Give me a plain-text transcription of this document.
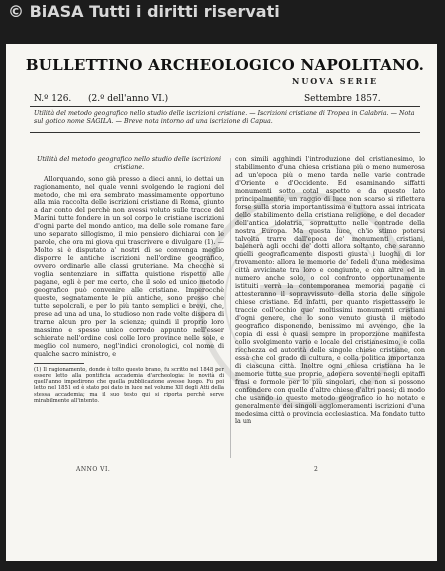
© BiASA Tutti i diritti riservati
BULLETTINO ARCHEOLOGICO NAPOLITANO.
NUOVA SERIE
N.º 126. (2.º dell'anno VI.)	Settembre 1857.
Utilità del metodo geografico nello studio delle iscrizioni cristiane. — Iscrizioni cristiane di Tropea in Calabria. — Nota sul gotico nome SAGILA. — Breve nota intorno ad una iscrizione di Capua.

Utilità del metodo geografico nello studio delle iscrizioni cristiane.

Allorquando, sono già presso a dieci anni, io dettai un ragionamento, nel quale venni svolgendo le ragioni del metodo, che mi era sembrato massimamente opportuno alla mia raccolta delle iscrizioni cristiane di Roma, giunto a dar conto del perchè non avessi voluto sulle tracce del Marini tutte fondere in un sol corpo le cristiane iscrizioni d'ogni parte del mondo antico, ma delle sole romane fare uno separato sillogismo, il mio pensiero dichiarai con le parole, che ora mi giova qui trascrivere e divulgare (1). — Molto si è disputato a' nostri dì se convenga meglio disporre le antiche iscrizioni nell'ordine geografico, ovvero ordinarle alle classi gruteriane. Ma checchè si voglia sentenziare in siffatta quistione rispetto alle pagane, egli è per me certo, che il solo ed unico metodo geografico può convenire alle cristiane. Imperocchè queste, segnatamente le più antiche, sono presso che tutte sepolcrali, e per lo più tanto semplici e brevi, che, prese ad una ad una, lo studioso non rade volte dispera di trarne alcun pro per la scienza; quindi il proprio loro massimo e spesso unico corredo appunto nell'esser schierate nell'ordine così colle loro province nelle sole, e meglio col numero, negl'indici cronologici, col nome di qualche sacro ministro, e

(1) Il ragionamento, donde è tolto questo brano, fu scritto nel 1848 per essere letto alla pontificia accademia d'archeologia: le novità di quell'anno impedirono che quella pubblicazione avesse luogo. Fu poi letto nel 1851 ed è stato poi dato in luce nel volume XII degli Atti della stessa accademia; ma il suo testo qui si riporta perchè serve mirabilmente all'intento.

con simili agghindi l'introduzione del cristianesimo, lo stabilimento d'una chiesa cristiana più o meno numerosa ad un'epoca più o meno tarda nelle varie contrade d'Oriente e d'Occidente. Ed esaminando siffatti monumenti sotto cotal aspetto e da questo lato principalmente, un raggio di luce non scarso si riflettera forse sulla storia importantissima e tuttora assai intricata dello stabilimento della cristiana religione, e del decader dell'antica idolatria, soprattutto nelle contrade della nostra Europa. Ma questa luce, ch'io stimo potersi talvolta trarre dall'epoca de' monumenti cristiani, balenerà agli occhi de' dotti allora soltanto, che saranno quelli geograficamente disposti giusta i luoghi di lor trovamento: allora le memorie de' fedeli d'una medesima città avvicinate tra loro e congiunte, e con altre ed in numero anche solo, o col confronto opportunamente istituiti verrà la contemporanea memoria pagane ci attesteranno il sopravvissuto della storia delle singole chiese cristiane. Ed infatti, per quanto rispettassero le traccie coll'occhio que' moltissimi monumenti cristiani d'ogni genere, che lo sono venuto giusta il metodo geografico disponendo, benissimo mi avvengo, che la copia di essi è quasi sempre in proporzione manifesta collo svolgimento vario e locale del cristianesimo, e colla ricchezza ed autorità delle singole chiese cristiane, con essa che col grado di cultura, e colla politica importanza di ciascuna città. Inoltre ogni chiesa cristiana ha le memorie tutte sue proprie, adopera sovente negli epitaffi frasi e formole per lo più singolari, che non si possono confondere con quelle d'altre chiese d'altri paesi; di modo che usando io questo metodo geografico io ho notato e generalmente dei singoli agglomeramenti iscrizioni d'una medesima città o provincia ecclesiastica. Ma fondato tutto la un

ANNO VI.	2
